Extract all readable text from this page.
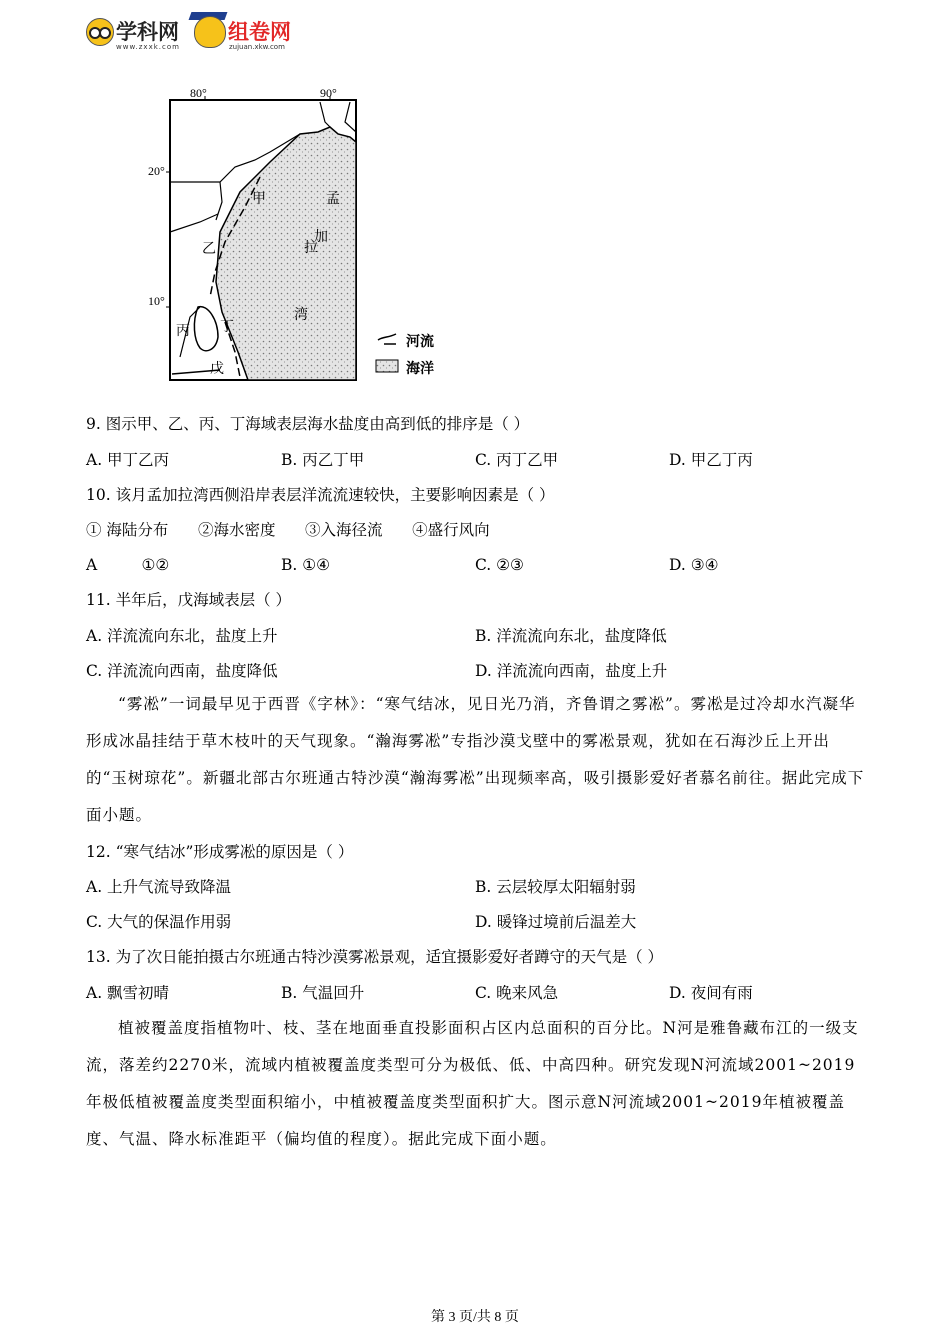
学科网
www.zxxk.com
组卷网
zujuan.xkw.com
80°	90°
20°
10°
甲	孟
加
乙	拉
丙 丁
湾
戊
河流
海洋
9. 图示甲、乙、丙、丁海域表层海水盐度由高到低的排序是（ ）
A. 甲丁乙丙	B. 丙乙丁甲	C. 丙丁乙甲	D. 甲乙丁丙
10. 该月孟加拉湾西侧沿岸表层洋流流速较快，主要影响因素是（ ）
① 海陆分布      ②海水密度      ③入海径流      ④盛行风向
A         ①②	B. ①④	C. ②③	D. ③④
11. 半年后，戊海域表层（ ）
A. 洋流流向东北，盐度上升	B. 洋流流向东北，盐度降低
C. 洋流流向西南，盐度降低	D. 洋流流向西南，盐度上升
“雾凇”一词最早见于西晋《字林》：“寒气结冰，见日光乃消，齐鲁谓之雾凇”。雾凇是过冷却水汽凝华形成冰晶挂结于草木枝叶的天气现象。“瀚海雾凇”专指沙漠戈壁中的雾凇景观，犹如在石海沙丘上开出的“玉树琼花”。新疆北部古尔班通古特沙漠“瀚海雾凇”出现频率高，吸引摄影爱好者慕名前往。据此完成下面小题。
12. “寒气结冰”形成雾凇的原因是（ ）
A. 上升气流导致降温	B. 云层较厚太阳辐射弱
C. 大气的保温作用弱	D. 暖锋过境前后温差大
13. 为了次日能拍摄古尔班通古特沙漠雾凇景观，适宜摄影爱好者蹲守的天气是（ ）
A. 飘雪初晴	B. 气温回升	C. 晚来风急	D. 夜间有雨
植被覆盖度指植物叶、枝、茎在地面垂直投影面积占区内总面积的百分比。N河是雅鲁藏布江的一级支流，落差约2270米，流域内植被覆盖度类型可分为极低、低、中高四种。研究发现N河流域2001~2019年极低植被覆盖度类型面积缩小，中植被覆盖度类型面积扩大。图示意N河流域2001~2019年植被覆盖度、气温、降水标准距平（偏均值的程度）。据此完成下面小题。
第 3 页/共 8 页
